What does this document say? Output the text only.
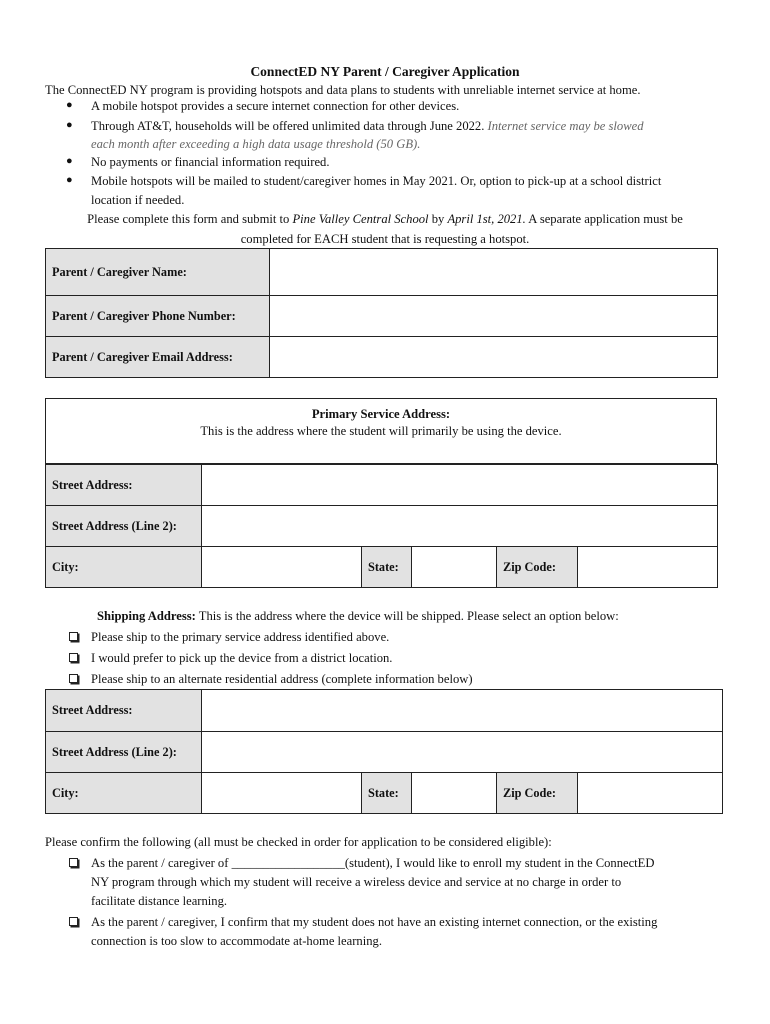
ConnectED NY Parent / Caregiver Application
The ConnectED NY program is providing hotspots and data plans to students with unreliable internet service at home.
● A mobile hotspot provides a secure internet connection for other devices.
● Through AT&T, households will be offered unlimited data through June 2022. Internet service may be slowed
each month after exceeding a high data usage threshold (50 GB).
● No payments or financial information required.
● Mobile hotspots will be mailed to student/caregiver homes in May 2021. Or, option to pick-up at a school district
location if needed.
Please complete this form and submit to Pine Valley Central School by April 1st, 2021. A separate application must be
completed for EACH student that is requesting a hotspot.
Parent / Caregiver Name:	
Parent / Caregiver Phone Number:	
Parent / Caregiver Email Address:	
Primary Service Address:
This is the address where the student will primarily be using the device.
Street Address:					
Street Address (Line 2):					
City:		State:		Zip Code:	
Shipping Address: This is the address where the device will be shipped. Please select an option below:
Please ship to the primary service address identified above.
I would prefer to pick up the device from a district location.
Please ship to an alternate residential address (complete information below)
Street Address:					
Street Address (Line 2):					
City:		State:		Zip Code:	
Please confirm the following (all must be checked in order for application to be considered eligible):
As the parent / caregiver of __________________(student), I would like to enroll my student in the ConnectED
NY program through which my student will receive a wireless device and service at no charge in order to
facilitate distance learning.
As the parent / caregiver, I confirm that my student does not have an existing internet connection, or the existing
connection is too slow to accommodate at-home learning.
